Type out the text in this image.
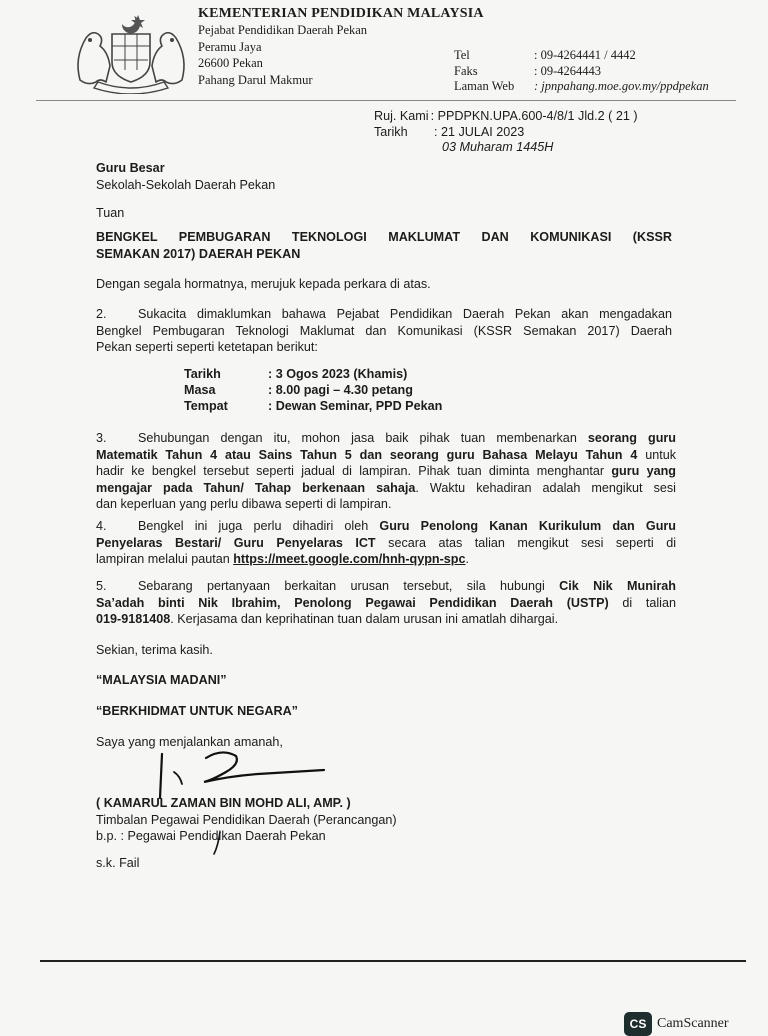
KEMENTERIAN PENDIDIKAN MALAYSIA
Pejabat Pendidikan Daerah Pekan
Peramu Jaya
26600 Pekan
Pahang Darul Makmur
Tel	: 09-4264441 / 4442
Faks	: 09-4264443
Laman Web	: jpnpahang.moe.gov.my/ppdpekan
Ruj. Kami : PPDPKN.UPA.600-4/8/1 Jld.2 ( 21 )
Tarikh	: 21 JULAI 2023
03 Muharam 1445H
Guru Besar
Sekolah-Sekolah Daerah Pekan
Tuan
BENGKEL PEMBUGARAN TEKNOLOGI MAKLUMAT DAN KOMUNIKASI (KSSR
SEMAKAN 2017) DAERAH PEKAN
Dengan segala hormatnya, merujuk kepada perkara di atas.
2. Sukacita dimaklumkan bahawa Pejabat Pendidikan Daerah Pekan akan mengadakan
Bengkel Pembugaran Teknologi Maklumat dan Komunikasi (KSSR Semakan 2017) Daerah
Pekan seperti seperti ketetapan berikut:
Tarikh	: 3 Ogos 2023 (Khamis)
Masa	: 8.00 pagi – 4.30 petang
Tempat	: Dewan Seminar, PPD Pekan
3. Sehubungan dengan itu, mohon jasa baik pihak tuan membenarkan seorang guru
Matematik Tahun 4 atau Sains Tahun 5 dan seorang guru Bahasa Melayu Tahun 4 untuk
hadir ke bengkel tersebut seperti jadual di lampiran. Pihak tuan diminta menghantar guru yang
mengajar pada Tahun/ Tahap berkenaan sahaja. Waktu kehadiran adalah mengikut sesi
dan keperluan yang perlu dibawa seperti di lampiran.
4. Bengkel ini juga perlu dihadiri oleh Guru Penolong Kanan Kurikulum dan Guru
Penyelaras Bestari/ Guru Penyelaras ICT secara atas talian mengikut sesi seperti di
lampiran melalui pautan https://meet.google.com/hnh-qypn-spc.
5. Sebarang pertanyaan berkaitan urusan tersebut, sila hubungi Cik Nik Munirah
Sa’adah binti Nik Ibrahim, Penolong Pegawai Pendidikan Daerah (USTP) di talian
019-9181408. Kerjasama dan keprihatinan tuan dalam urusan ini amatlah dihargai.
Sekian, terima kasih.
“MALAYSIA MADANI”
“BERKHIDMAT UNTUK NEGARA”
Saya yang menjalankan amanah,
( KAMARUL ZAMAN BIN MOHD ALI, AMP. )
Timbalan Pegawai Pendidikan Daerah (Perancangan)
b.p. : Pegawai Pendidikan Daerah Pekan
s.k. Fail
CS CamScanner
